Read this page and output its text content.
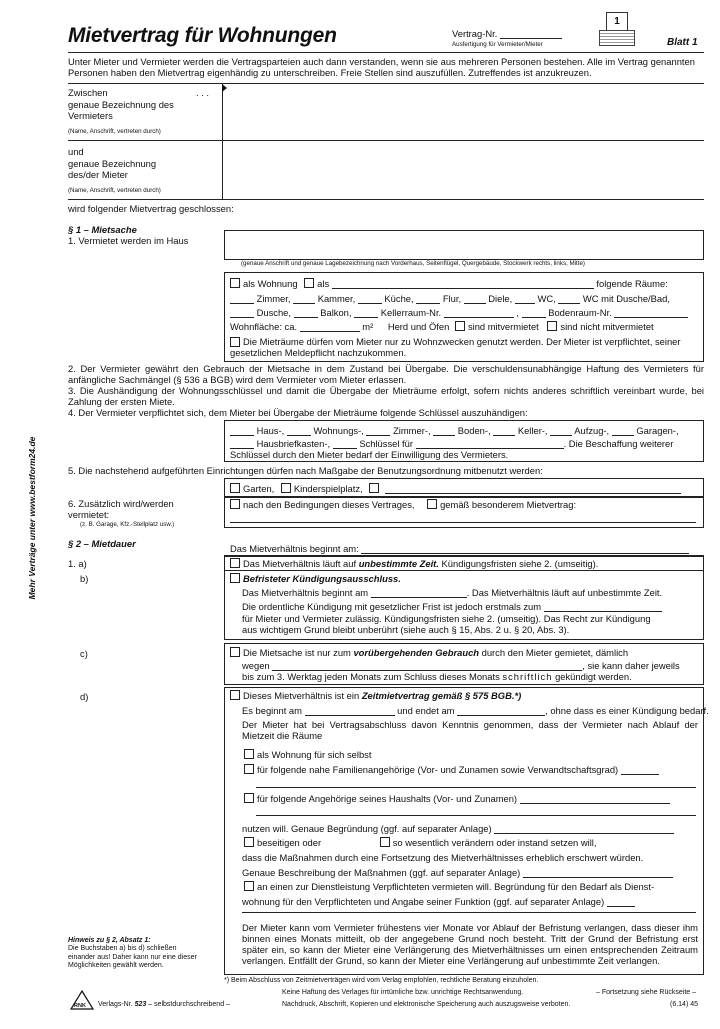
Mehr Verträge unter www.bestform24.de
Mietvertrag für Wohnungen	Vertrag-Nr.
Ausfertigung für Vermieter/Mieter
1
Blatt 1
Unter Mieter und Vermieter werden die Vertragsparteien auch dann verstanden, wenn sie aus mehreren Personen bestehen. Alle im Vertrag genannten Personen haben den Mietvertrag eigenhändig zu unterschreiben. Freie Stellen sind auszufüllen. Zutreffendes ist anzukreuzen.
Zwischen	. . .
genaue Bezeichnung des Vermieters
(Name, Anschrift, vertreten durch)
und
genaue Bezeichnung des/der Mieter
(Name, Anschrift, vertreten durch)
wird folgender Mietvertrag geschlossen:
§ 1 – Mietsache
1. Vermietet werden im Haus
(genaue Anschrift und genaue Lagebezeichnung nach Vorderhaus, Seitenflügel, Quergebäude, Stockwerk rechts, links, Mitte)
als Wohnung als	folgende Räume:
Zimmer,	Kammer,	Küche,	Flur,	Diele,	WC,	WC mit Dusche/Bad,
Dusche,	Balkon,	Kellerraum-Nr.	,	Bodenraum-Nr.
Wohnfläche: ca.	m² Herd und Öfen sind mitvermietet sind nicht mitvermietet
Die Mieträume dürfen vom Mieter nur zu Wohnzwecken genutzt werden. Der Mieter ist verpflichtet, seiner gesetzlichen Meldepflicht nachzukommen.
2. Der Vermieter gewährt den Gebrauch der Mietsache in dem Zustand bei Übergabe. Die verschuldensunabhängige Haftung des Vermieters für anfängliche Sachmängel (§ 536 a BGB) wird dem Vermieter vom Mieter erlassen.
3. Die Aushändigung der Wohnungsschlüssel und damit die Übergabe der Mieträume erfolgt, sofern nichts anderes schriftlich vereinbart wurde, bei Zahlung der ersten Miete.
4. Der Vermieter verpflichtet sich, dem Mieter bei Übergabe der Mieträume folgende Schlüssel auszuhändigen:
Haus-,	Wohnungs-,	Zimmer-,	Boden-,	Keller-,	Aufzug-,	Garagen-,
Hausbriefkasten-,	Schlüssel für	. Die Beschaffung weiterer
Schlüssel durch den Mieter bedarf der Einwilligung des Vermieters.
5. Die nachstehend aufgeführten Einrichtungen dürfen nach Maßgabe der Benutzungsordnung mitbenutzt werden:
Garten, Kinderspielplatz,
6. Zusätzlich wird/werden vermietet:
(z. B. Garage, Kfz.-Stellplatz usw.)
nach den Bedingungen dieses Vertrages,	gemäß besonderem Mietvertrag:
§ 2 – Mietdauer	Das Mietverhältnis beginnt am:
1. a)	Das Mietverhältnis läuft auf unbestimmte Zeit. Kündigungsfristen siehe 2. (umseitig).
b)	Befristeter Kündigungsausschluss.
Das Mietverhältnis beginnt am	. Das Mietverhältnis läuft auf unbestimmte Zeit.
Die ordentliche Kündigung mit gesetzlicher Frist ist jedoch erstmals zum
für Mieter und Vermieter zulässig. Kündigungsfristen siehe 2. (umseitig). Das Recht zur Kündigung
aus wichtigem Grund bleibt unberührt (siehe auch § 15, Abs. 2 u. § 20, Abs. 3).
c)	Die Mietsache ist nur zum vorübergehenden Gebrauch durch den Mieter gemietet, dämlich
wegen	, sie kann daher jeweils
bis zum 3. Werktag jeden Monats zum Schluss dieses Monats schriftlich gekündigt werden.
d)	Dieses Mietverhältnis ist ein Zeitmietvertrag gemäß § 575 BGB.*)
Es beginnt am	und endet am	, ohne dass es einer Kündigung bedarf.
Der Mieter hat bei Vertragsabschluss davon Kenntnis genommen, dass der Vermieter nach Ablauf der Mietzeit die Räume
als Wohnung für sich selbst
für folgende nahe Familienangehörige (Vor- und Zunamen sowie Verwandtschaftsgrad)
für folgende Angehörige seines Haushalts (Vor- und Zunamen)
nutzen will. Genaue Begründung (ggf. auf separater Anlage)
beseitigen oder	so wesentlich verändern oder instand setzen will,
dass die Maßnahmen durch eine Fortsetzung des Mietverhältnisses erheblich erschwert würden.
Genaue Beschreibung der Maßnahmen (ggf. auf separater Anlage)
an einen zur Dienstleistung Verpflichteten vermieten will. Begründung für den Bedarf als Dienst-
wohnung für den Verpflichteten und Angabe seiner Funktion (ggf. auf separater Anlage)
Der Mieter kann vom Vermieter frühestens vier Monate vor Ablauf der Befristung verlangen, dass dieser ihm binnen eines Monats mitteilt, ob der angegebene Grund noch besteht. Tritt der Grund der Befristung erst später ein, so kann der Mieter eine Verlängerung des Mietverhältnisses um einen entsprechenden Zeitraum verlangen. Entfällt der Grund, so kann der Mieter eine Verlängerung auf unbestimmte Zeit verlangen.
Hinweis zu § 2, Absatz 1:
Die Buchstaben a) bis d) schließen einander aus! Daher kann nur eine dieser Möglichkeiten gewählt werden.
*) Beim Abschluss von Zeitmietverträgen wird vom Verlag empfohlen, rechtliche Beratung einzuholen.
RNK Verlags-Nr. 523 – selbstdurchschreibend –
Keine Haftung des Verlages für irrtümliche bzw. unrichtige Rechtsanwendung.
Nachdruck, Abschrift, Kopieren und elektronische Speicherung auch auszugsweise verboten.
– Fortsetzung siehe Rückseite –
(6.14) 45
